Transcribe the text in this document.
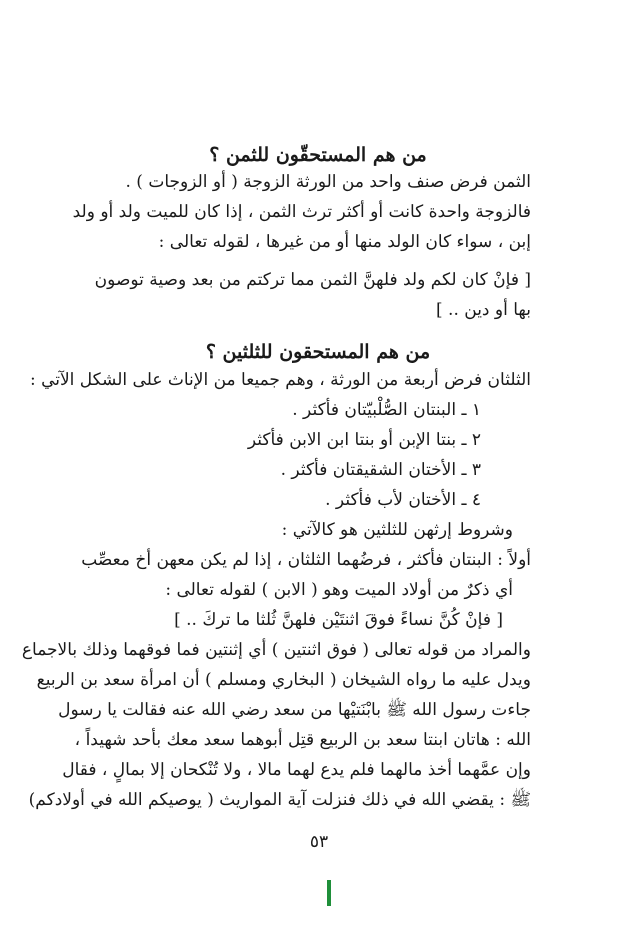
من هم المستحقّون للثمن ؟
الثمن فرض صنف واحد من الورثة الزوجة ( أو الزوجات ) .
فالزوجة واحدة كانت أو أكثر ترث الثمن ، إذا كان للميت ولد أو ولد
إبن ، سواء كان الولد منها أو من غيرها ، لقوله تعالى :
[ فإنْ كان لكم ولد فلهنَّ الثمن مما تركتم من بعد وصية توصون
بها أو دين .. ]
من هم المستحقون للثلثين ؟
الثلثان فرض أربعة من الورثة ، وهم جميعا من الإناث على الشكل الآتي :
١ ـ البنتان الصُّلْبيّتان فأكثر .
٢ ـ بنتا الإبن أو بنتا ابن الابن فأكثر
٣ ـ الأختان الشقيقتان فأكثر .
٤ ـ الأختان لأب فأكثر .
وشروط إرثهن للثلثين هو كالآتي :
أولاً : البنتان فأكثر ، فرضُهما الثلثان ، إذا لم يكن معهن أخ معصِّب
أي ذكرٌ من أولاد الميت وهو ( الابن ) لقوله تعالى :
[ فإنْ كُنَّ نساءً فوقَ اثنتَيْن فلهنَّ ثُلثا ما تركَ .. ]
والمراد من قوله تعالى ( فوق اثنتين ) أي إثنتين فما فوقهما وذلك بالاجماع
ويدل عليه ما رواه الشيخان ( البخاري ومسلم ) أن امرأة سعد بن الربيع
جاءت رسول الله ﷺ بابْنَتيْها من سعد رضي الله عنه فقالت يا رسول
الله : هاتان ابنتا سعد بن الربيع قتِل أبوهما سعد معك بأحد شهيداً ،
وإن عمَّهما أخذ مالهما فلم يدع لهما مالا ، ولا تُنْكحان إلا بمالٍ ، فقال
ﷺ : يقضي الله في ذلك فنزلت آية المواريث ( يوصيكم الله في أولادكم)
٥٣
